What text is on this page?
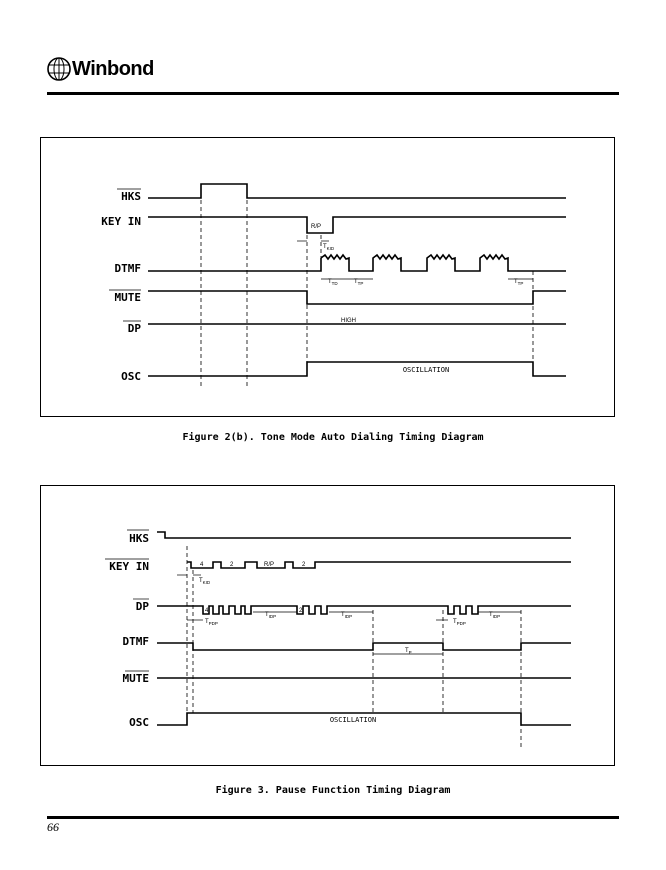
Winbond
HKS
KEY IN
DTMF
MUTE
DP
OSC
R/P
HIGH
OSCILLATION
$T_{KID}$
$T_{TD}$	$T_{TP}$	$T_{TP}$
Figure 2(b). Tone Mode Auto Dialing Timing Diagram
HKS
KEY IN
DP
DTMF
MUTE
OSC
4	2	R/P	2
4	2
OSCILLATION
$T_{KID}$
$T_{PDP}$
$T_{IDP}$	$T_{IDP}$
$T_P$
$T_{PDP}$
$T_{IDP}$
Figure 3. Pause Function Timing Diagram
66
